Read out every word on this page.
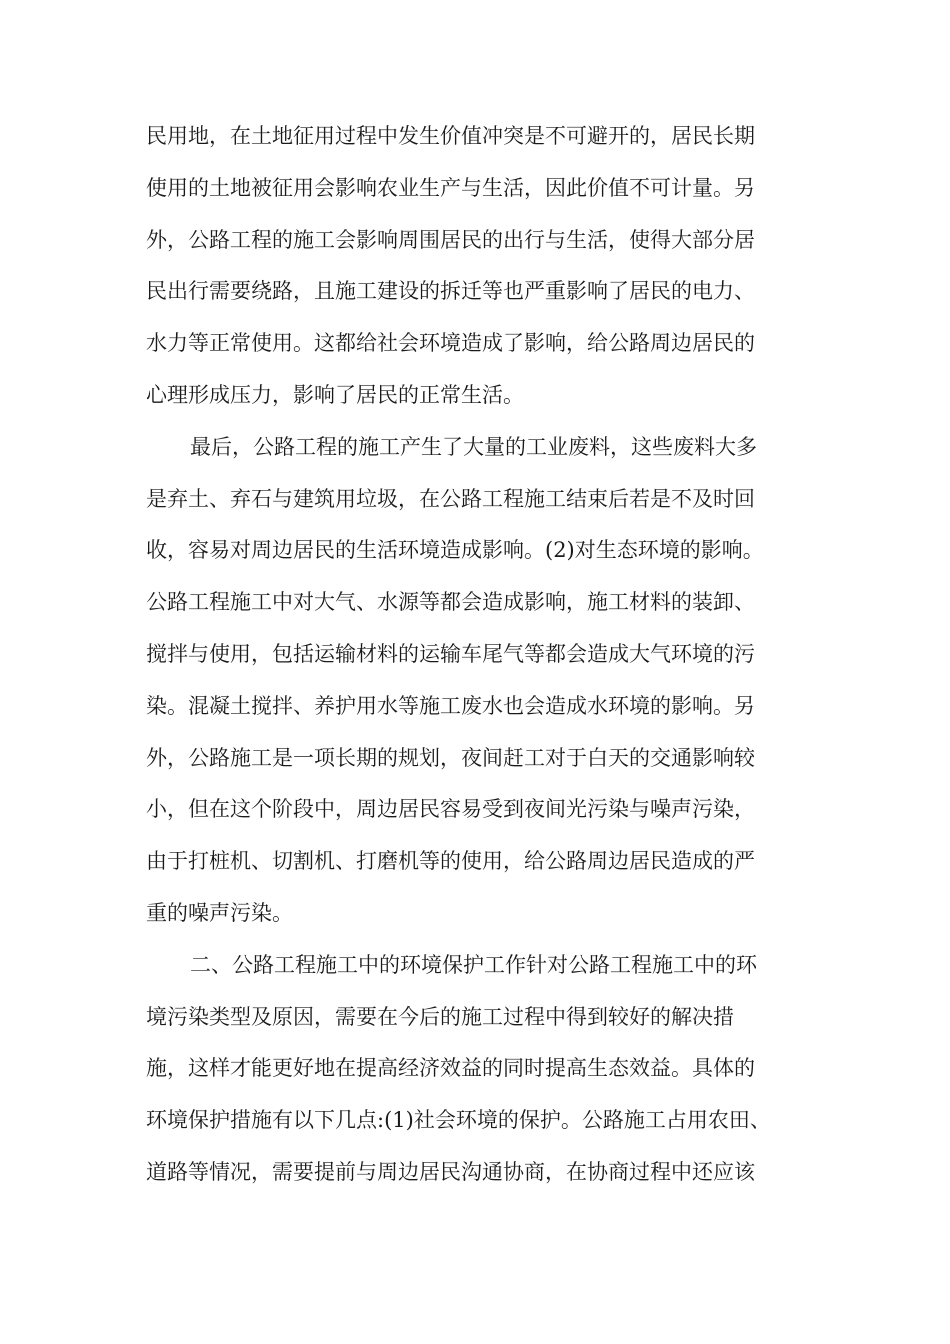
民用地，在土地征用过程中发生价值冲突是不可避开的，居民长期
使用的土地被征用会影响农业生产与生活，因此价值不可计量。另
外，公路工程的施工会影响周围居民的出行与生活，使得大部分居
民出行需要绕路，且施工建设的拆迁等也严重影响了居民的电力、
水力等正常使用。这都给社会环境造成了影响，给公路周边居民的
心理形成压力，影响了居民的正常生活。
最后，公路工程的施工产生了大量的工业废料，这些废料大多
是弃土、弃石与建筑用垃圾，在公路工程施工结束后若是不及时回
收，容易对周边居民的生活环境造成影响。(2)对生态环境的影响。
公路工程施工中对大气、水源等都会造成影响，施工材料的装卸、
搅拌与使用，包括运输材料的运输车尾气等都会造成大气环境的污
染。混凝土搅拌、养护用水等施工废水也会造成水环境的影响。另
外，公路施工是一项长期的规划，夜间赶工对于白天的交通影响较
小，但在这个阶段中，周边居民容易受到夜间光污染与噪声污染，
由于打桩机、切割机、打磨机等的使用，给公路周边居民造成的严
重的噪声污染。
二、公路工程施工中的环境保护工作针对公路工程施工中的环
境污染类型及原因，需要在今后的施工过程中得到较好的解决措
施，这样才能更好地在提高经济效益的同时提高生态效益。具体的
环境保护措施有以下几点:(1)社会环境的保护。公路施工占用农田、
道路等情况，需要提前与周边居民沟通协商，在协商过程中还应该
